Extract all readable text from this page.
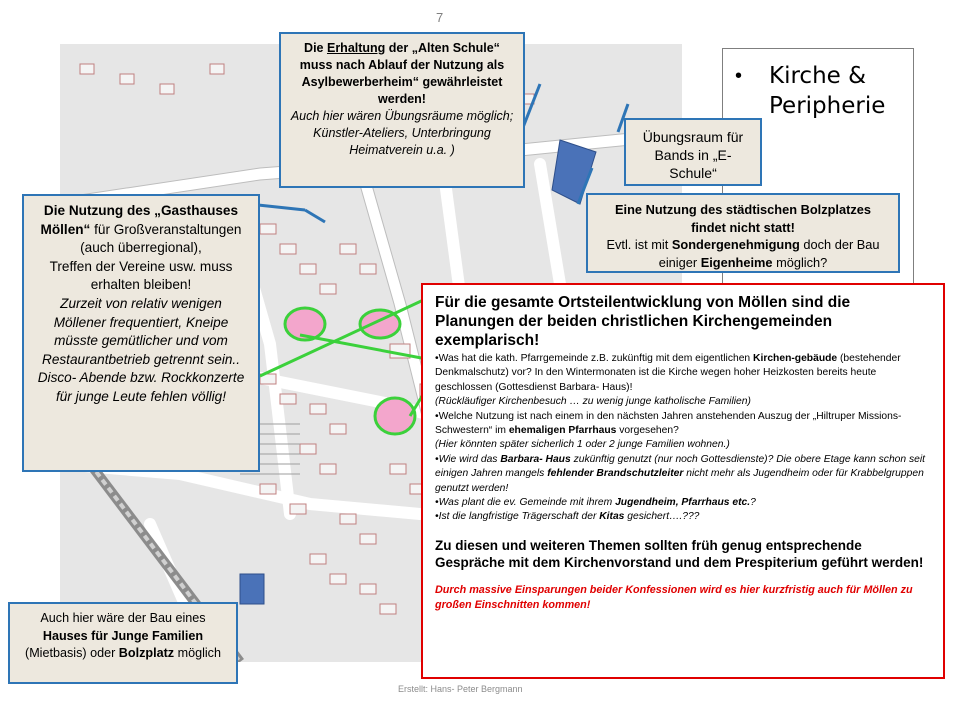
7
• Kirche &
Peripherie

Die Erhaltung der „Alten Schule“ muss nach Ablauf der Nutzung als Asylbewerberheim“ gewährleistet werden!

Auch hier wären Übungsräume möglich; Künstler-Ateliers, Unterbringung Heimatverein u.a. )

Übungsraum für Bands in „E-Schule“

Eine Nutzung des städtischen Bolzplatzes findet nicht statt!

Evtl. ist mit Sondergenehmigung doch der Bau einiger Eigenheime möglich?

Die Nutzung des „Gasthauses Möllen“ für Großveranstaltungen

(auch überregional),

Treffen der Vereine usw. muss erhalten bleiben!

Zurzeit von relativ wenigen Möllener frequentiert, Kneipe müsste gemütlicher und vom Restaurantbetrieb getrennt sein..

Disco- Abende bzw. Rockkonzerte für junge Leute fehlen völlig!

Auch hier wäre der Bau eines Hauses für Junge Familien (Mietbasis) oder Bolzplatz möglich

Für die gesamte Ortsteilentwicklung von Möllen sind die Planungen der beiden christlichen Kirchengemeinden exemplarisch!

•Was hat die kath. Pfarrgemeinde z.B. zukünftig mit dem eigentlichen Kirchen-gebäude (bestehender Denkmalschutz) vor? In den Wintermonaten ist die Kirche wegen hoher Heizkosten bereits heute geschlossen (Gottesdienst Barbara- Haus)!

(Rückläufiger Kirchenbesuch … zu wenig junge katholische Familien)

•Welche Nutzung ist nach einem in den nächsten Jahren anstehenden Auszug der „Hiltruper Missions- Schwestern“ im ehemaligen Pfarrhaus vorgesehen?

(Hier könnten später sicherlich 1 oder 2 junge Familien wohnen.)

•Wie wird das Barbara- Haus zukünftig genutzt (nur noch Gottesdienste)? Die obere Etage kann schon seit einigen Jahren mangels fehlender Brandschutzleiter nicht mehr als Jugendheim oder für Krabbelgruppen genutzt werden!

•Was plant die ev. Gemeinde mit ihrem Jugendheim, Pfarrhaus etc.?

•Ist die langfristige Trägerschaft der Kitas gesichert….???

Zu diesen und weiteren Themen sollten früh genug entsprechende Gespräche mit dem Kirchenvorstand und dem Prespiterium geführt werden!

Durch massive Einsparungen beider Konfessionen wird es hier kurzfristig auch für Möllen zu großen Einschnitten kommen!

Erstellt: Hans- Peter Bergmann
